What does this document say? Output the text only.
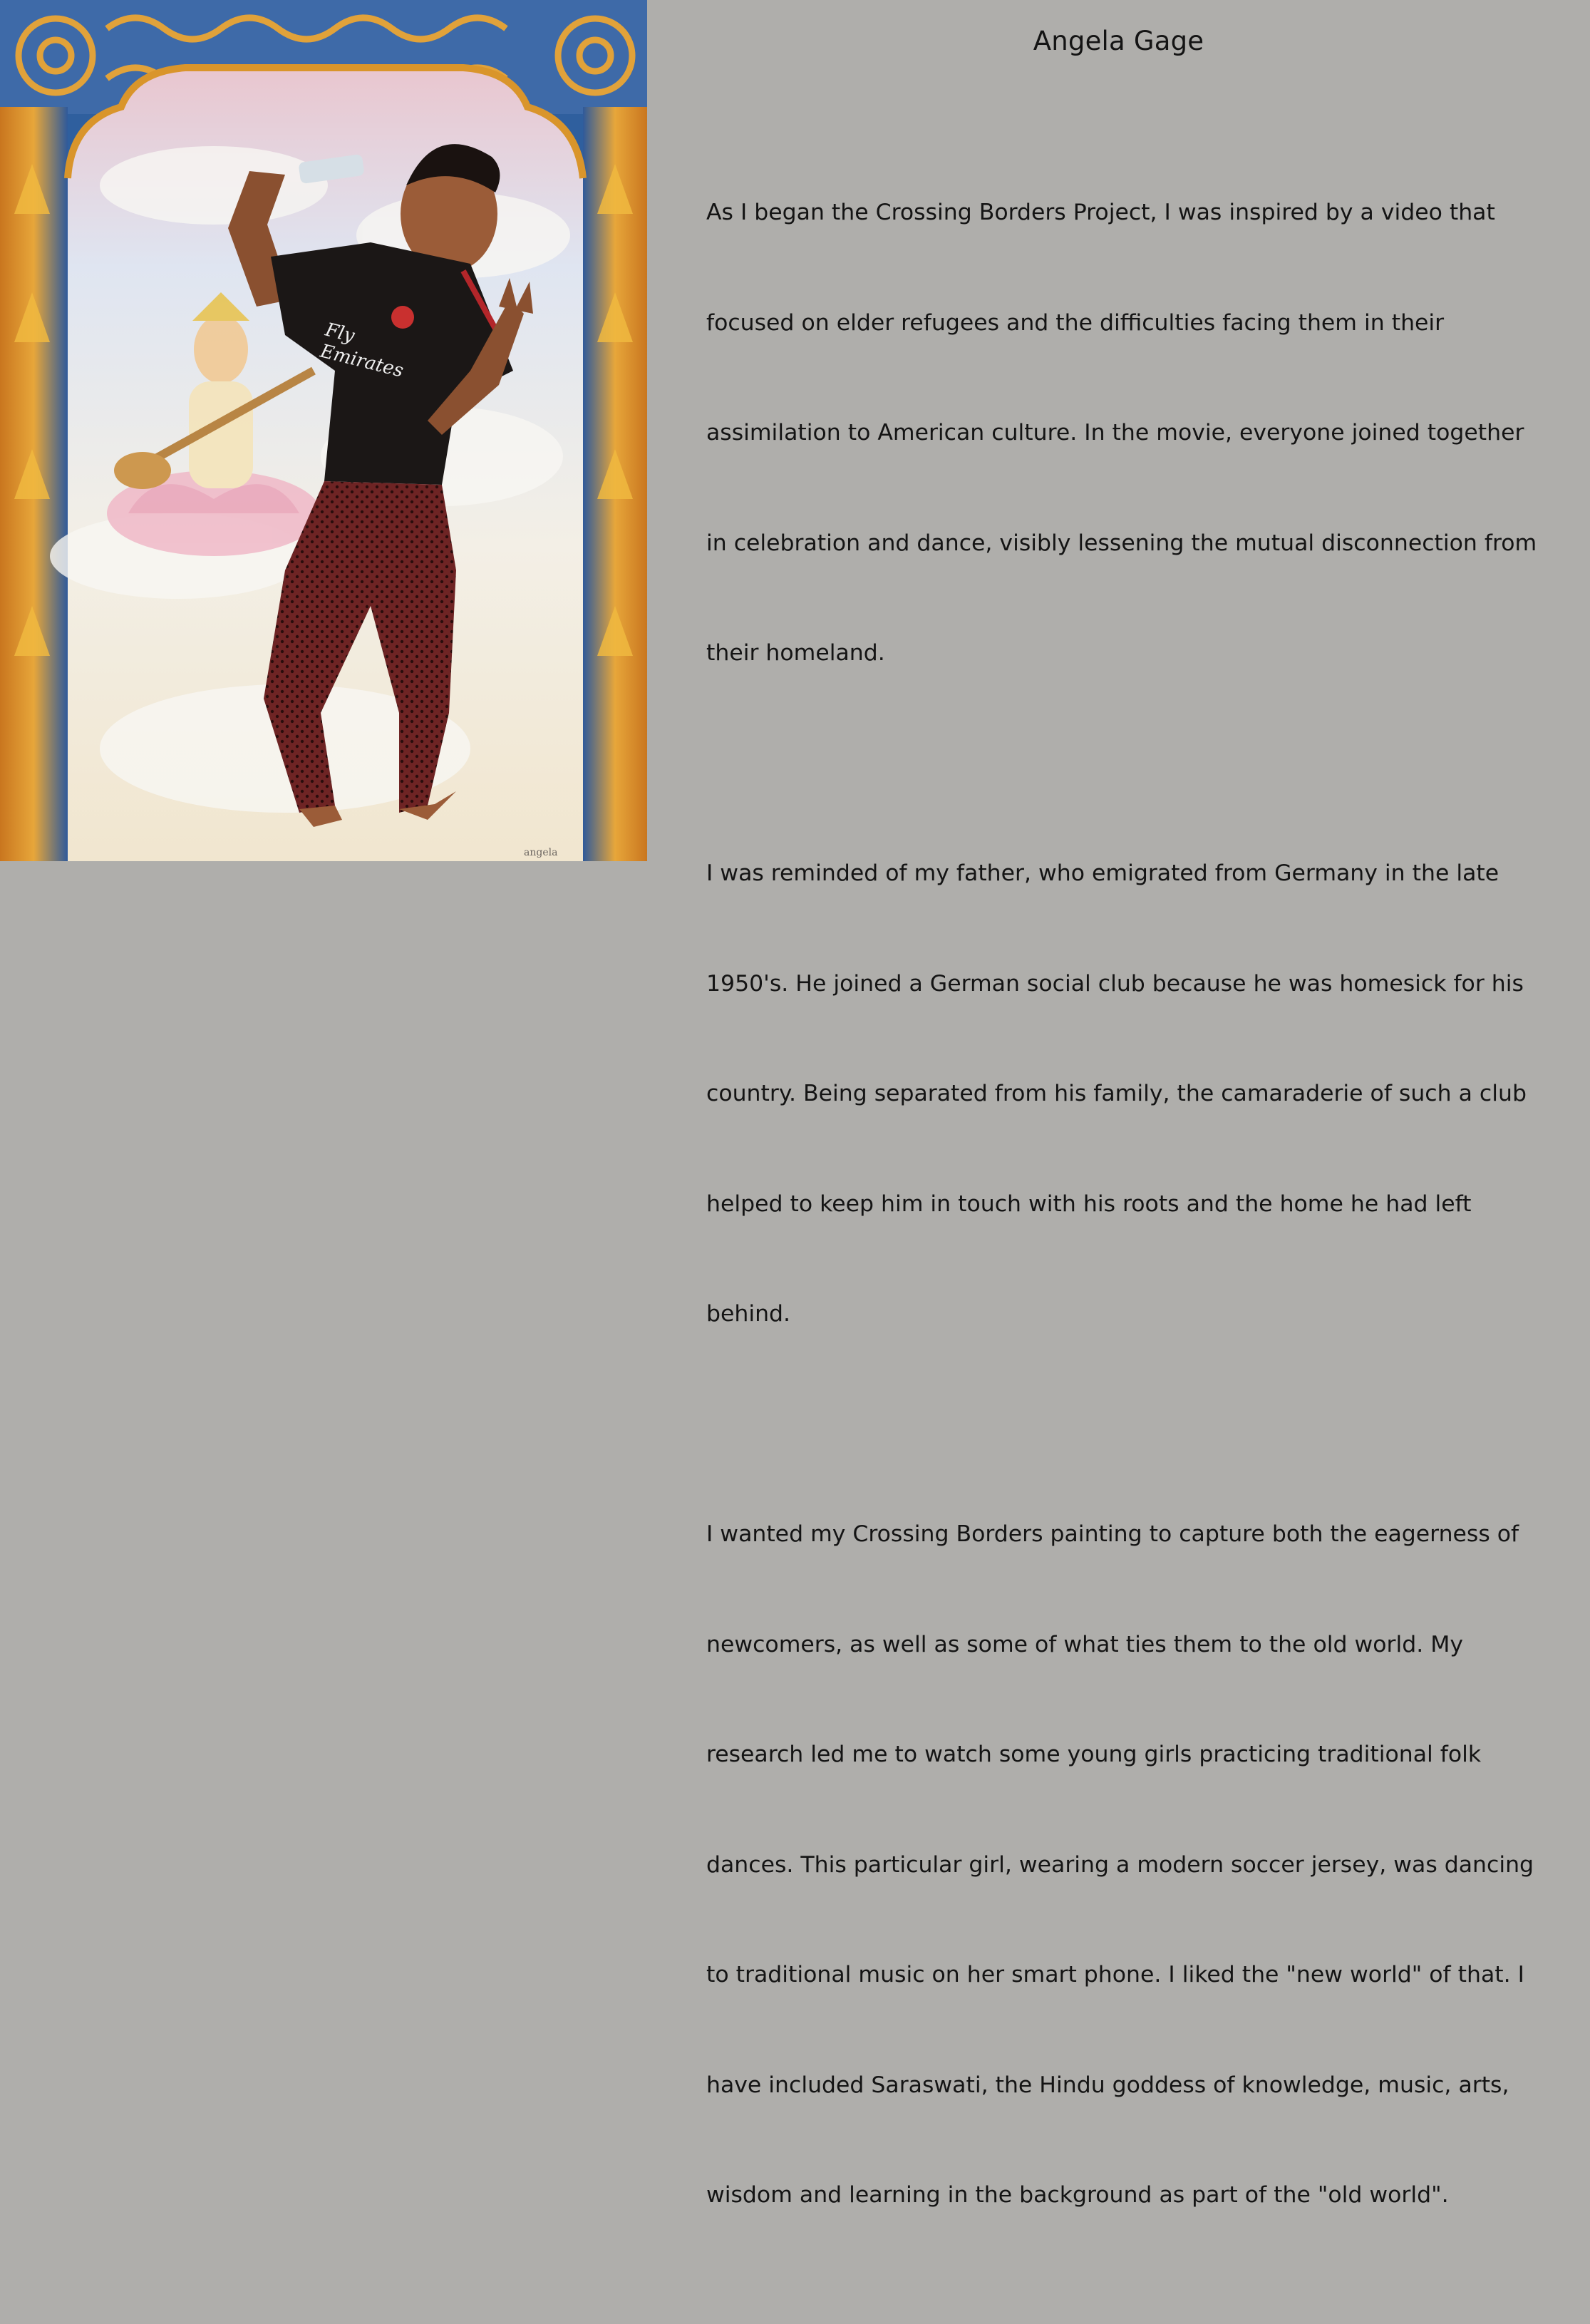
Fly
Emirates
angela
Angela Gage

As I began the Crossing Borders Project, I was inspired by a video that

focused on elder refugees and the difficulties facing them in their

assimilation to American culture. In the movie, everyone joined together

in celebration and dance, visibly lessening the mutual disconnection from

their homeland.

I was reminded of my father, who emigrated from Germany in the late

1950's. He joined a German social club because he was homesick for his

country. Being separated from his family, the camaraderie of such a club

helped to keep him in touch with his roots and the home he had left

behind.

I wanted my Crossing Borders painting to capture both the eagerness of

newcomers, as well as some of what ties them to the old world. My

research led me to watch some young girls practicing traditional folk

dances. This particular girl, wearing a modern soccer jersey, was dancing

to traditional music on her smart phone. I liked the "new world" of that. I

have included Saraswati, the Hindu goddess of knowledge, music, arts,

wisdom and learning in the background as part of the "old world".
